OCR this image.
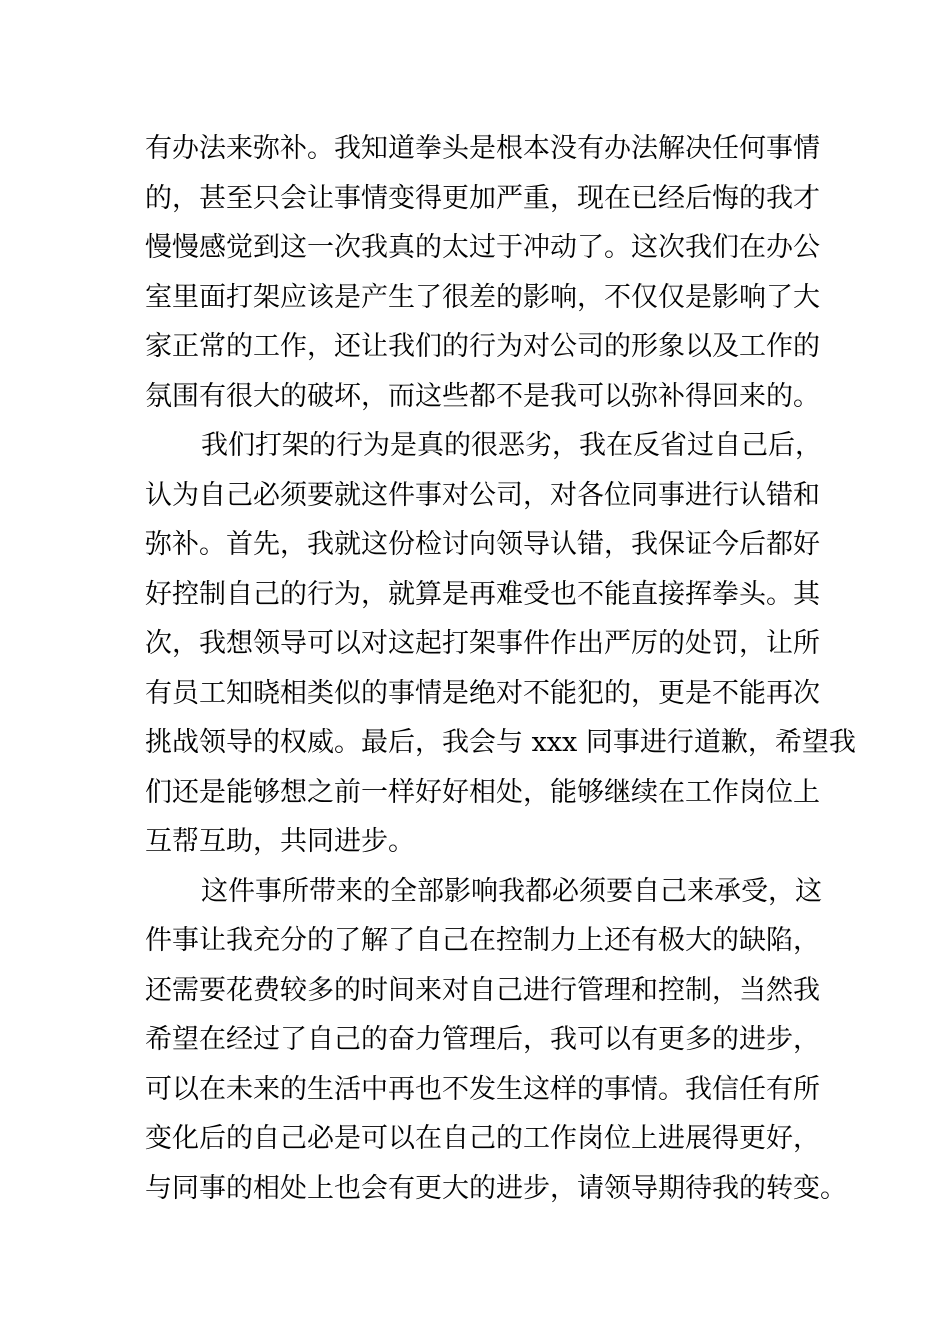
有办法来弥补。我知道拳头是根本没有办法解决任何事情
的，甚至只会让事情变得更加严重，现在已经后悔的我才
慢慢感觉到这一次我真的太过于冲动了。这次我们在办公
室里面打架应该是产生了很差的影响，不仅仅是影响了大
家正常的工作，还让我们的行为对公司的形象以及工作的
氛围有很大的破坏，而这些都不是我可以弥补得回来的。
我们打架的行为是真的很恶劣，我在反省过自己后，
认为自己必须要就这件事对公司，对各位同事进行认错和
弥补。首先，我就这份检讨向领导认错，我保证今后都好
好控制自己的行为，就算是再难受也不能直接挥拳头。其
次，我想领导可以对这起打架事件作出严厉的处罚，让所
有员工知晓相类似的事情是绝对不能犯的，更是不能再次
挑战领导的权威。最后，我会与 xxx 同事进行道歉，希望我
们还是能够想之前一样好好相处，能够继续在工作岗位上
互帮互助，共同进步。
这件事所带来的全部影响我都必须要自己来承受，这
件事让我充分的了解了自己在控制力上还有极大的缺陷，
还需要花费较多的时间来对自己进行管理和控制，当然我
希望在经过了自己的奋力管理后，我可以有更多的进步，
可以在未来的生活中再也不发生这样的事情。我信任有所
变化后的自己必是可以在自己的工作岗位上进展得更好，
与同事的相处上也会有更大的进步，请领导期待我的转变。
